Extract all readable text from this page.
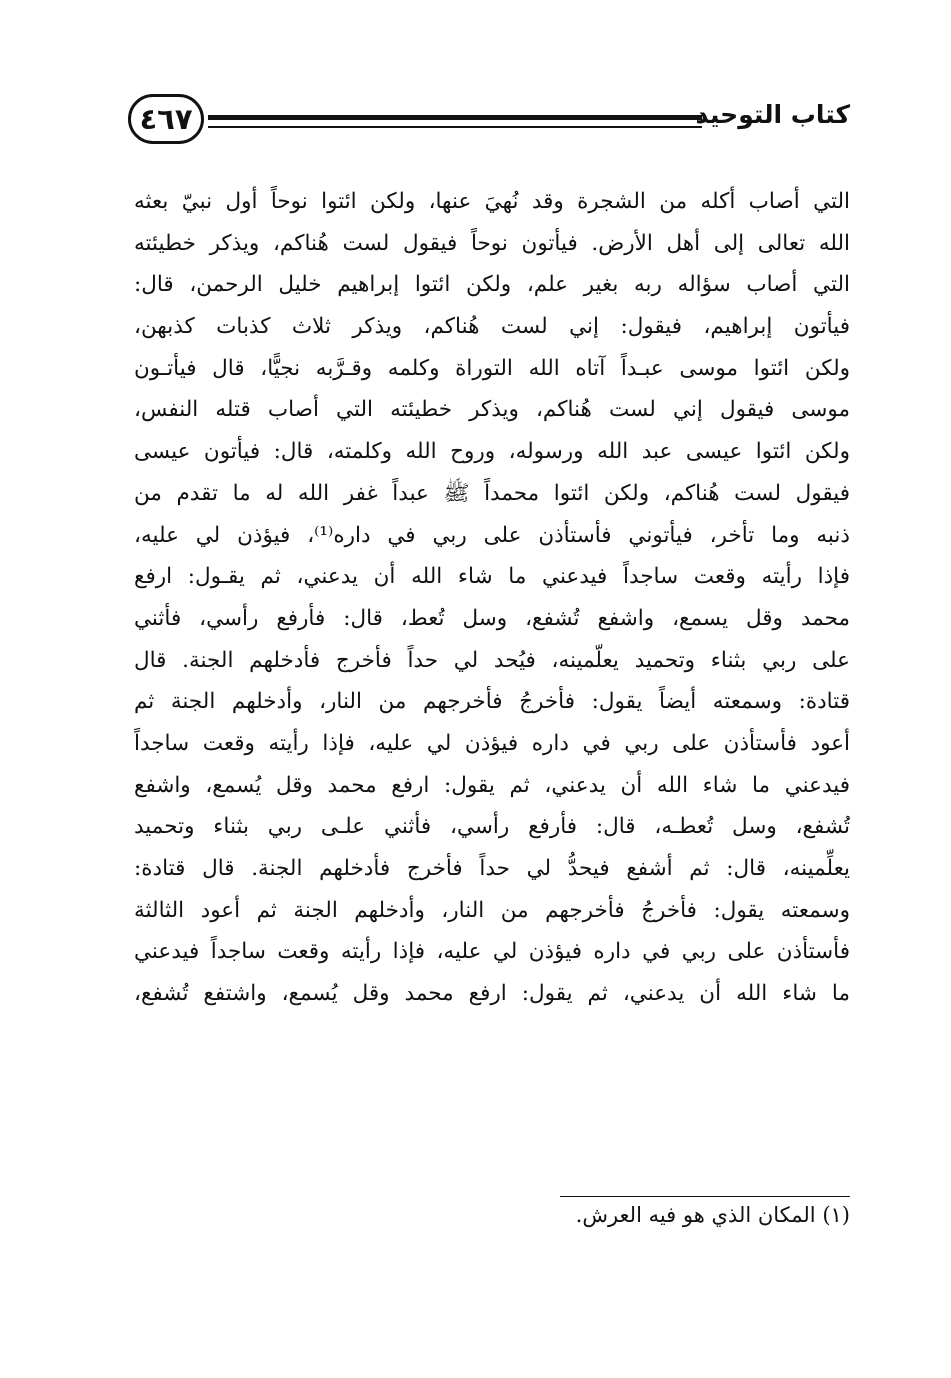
٤٦٧	كتاب التوحيد
التي أصاب أكله من الشجرة وقد نُهيَ عنها، ولكن ائتوا نوحاً أول نبيّ بعثه
الله تعالى إلى أهل الأرض. فيأتون نوحاً فيقول لست هُناكم، ويذكر خطيئته
التي أصاب سؤاله ربه بغير علم، ولكن ائتوا إبراهيم خليل الرحمن، قال:
فيأتون إبراهيم، فيقول: إني لست هُناكم، ويذكر ثلاث كذبات كذبهن،
ولكن ائتوا موسى عبـداً آتاه الله التوراة وكلمه وقـرَّبه نجيًّا، قال فيأتـون
موسى فيقول إني لست هُناكم، ويذكر خطيئته التي أصاب قتله النفس،
ولكن ائتوا عيسى عبد الله ورسوله، وروح الله وكلمته، قال: فيأتون عيسى
فيقول لست هُناكم، ولكن ائتوا محمداً ﷺ عبداً غفر الله له ما تقدم من
ذنبه وما تأخر، فيأتوني فأستأذن على ربي في داره⁽¹⁾، فيؤذن لي عليه،
فإذا رأيته وقعت ساجداً فيدعني ما شاء الله أن يدعني، ثم يقـول: ارفع
محمد وقل يسمع، واشفع تُشفع، وسل تُعط، قال: فأرفع رأسي، فأثني
على ربي بثناء وتحميد يعلّمينه، فيُحد لي حداً فأخرج فأدخلهم الجنة. قال
قتادة: وسمعته أيضاً يقول: فأخرجُ فأخرجهم من النار، وأدخلهم الجنة ثم
أعود فأستأذن على ربي في داره فيؤذن لي عليه، فإذا رأيته وقعت ساجداً
فيدعني ما شاء الله أن يدعني، ثم يقول: ارفع محمد وقل يُسمع، واشفع
تُشفع، وسل تُعطـه، قال: فأرفع رأسي، فأثني علـى ربي بثناء وتحميد
يعلِّمينه، قال: ثم أشفع فيحدُّ لي حداً فأخرج فأدخلهم الجنة. قال قتادة:
وسمعته يقول: فأخرجُ فأخرجهم من النار، وأدخلهم الجنة ثم أعود الثالثة
فأستأذن على ربي في داره فيؤذن لي عليه، فإذا رأيته وقعت ساجداً فيدعني
ما شاء الله أن يدعني، ثم يقول: ارفع محمد وقل يُسمع، واشتفع تُشفع،
(١) المكان الذي هو فيه العرش.
